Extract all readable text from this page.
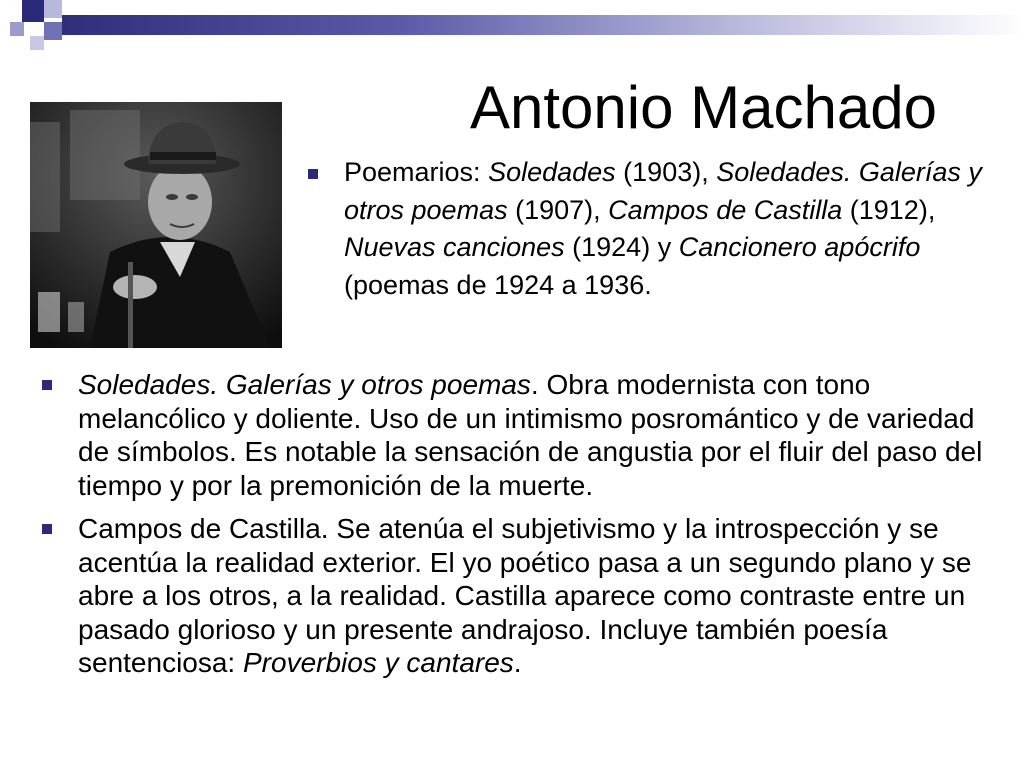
Antonio Machado
Poemarios: Soledades (1903), Soledades. Galerías y otros poemas (1907), Campos de Castilla (1912), Nuevas canciones (1924) y Cancionero apócrifo (poemas de 1924 a 1936.
Soledades. Galerías y otros poemas. Obra modernista con tono melancólico y doliente. Uso de un intimismo posromántico y de variedad de símbolos. Es notable la sensación de angustia por el fluir del paso del tiempo y por la premonición de la muerte.
Campos de Castilla. Se atenúa el subjetivismo y la introspección y se acentúa la realidad exterior. El yo poético pasa a un segundo plano y se abre a los otros, a la realidad. Castilla aparece como contraste entre un pasado glorioso y un presente andrajoso. Incluye también poesía sentenciosa: Proverbios y cantares.
